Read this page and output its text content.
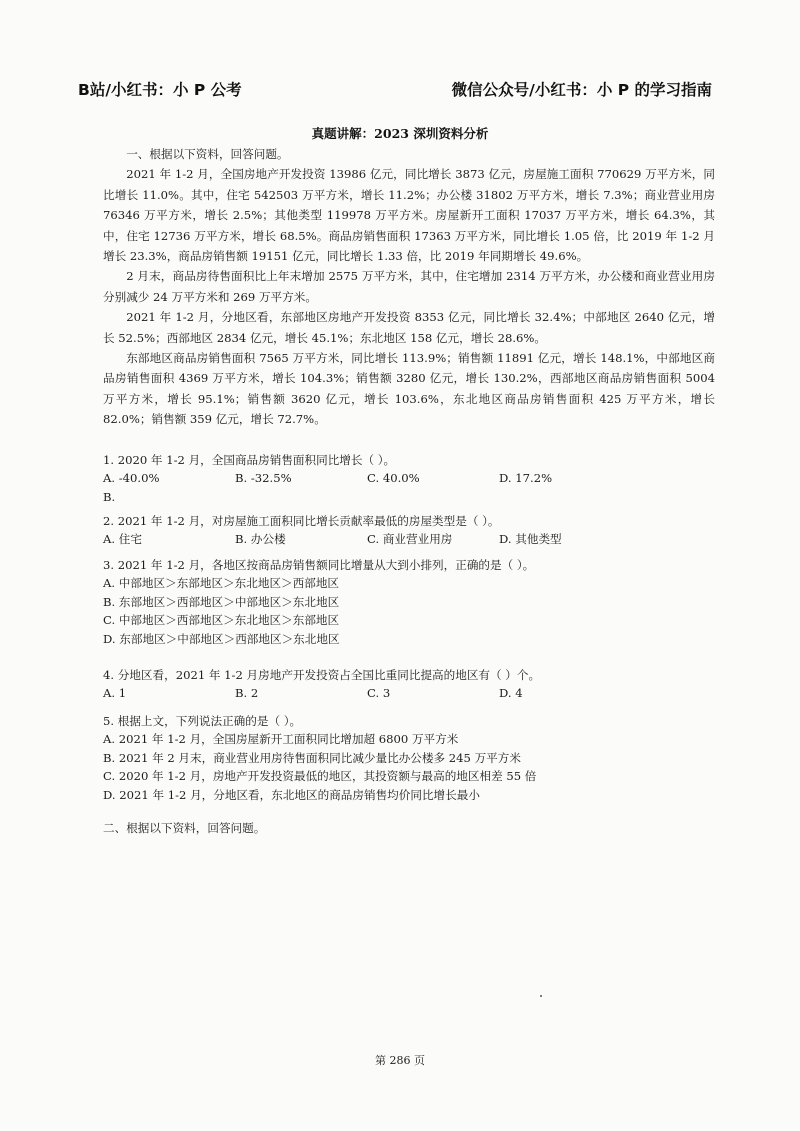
B站/小红书：小 P 公考	微信公众号/小红书：小 P 的学习指南
真题讲解：2023 深圳资料分析

一、根据以下资料，回答问题。

2021 年 1-2 月，全国房地产开发投资 13986 亿元，同比增长 3873 亿元，房屋施工面积 770629 万平方米，同比增长 11.0%。其中，住宅 542503 万平方米，增长 11.2%；办公楼 31802 万平方米，增长 7.3%；商业营业用房 76346 万平方米，增长 2.5%；其他类型 119978 万平方米。房屋新开工面积 17037 万平方米，增长 64.3%，其中，住宅 12736 万平方米，增长 68.5%。商品房销售面积 17363 万平方米，同比增长 1.05 倍，比 2019 年 1-2 月增长 23.3%，商品房销售额 19151 亿元，同比增长 1.33 倍，比 2019 年同期增长 49.6%。

2 月末，商品房待售面积比上年末增加 2575 万平方米，其中，住宅增加 2314 万平方米，办公楼和商业营业用房分别减少 24 万平方米和 269 万平方米。

2021 年 1-2 月，分地区看，东部地区房地产开发投资 8353 亿元，同比增长 32.4%；中部地区 2640 亿元，增长 52.5%；西部地区 2834 亿元，增长 45.1%；东北地区 158 亿元，增长 28.6%。

东部地区商品房销售面积 7565 万平方米，同比增长 113.9%；销售额 11891 亿元，增长 148.1%，中部地区商品房销售面积 4369 万平方米，增长 104.3%；销售额 3280 亿元，增长 130.2%，西部地区商品房销售面积 5004 万平方米，增长 95.1%；销售额 3620 亿元，增长 103.6%，东北地区商品房销售面积 425 万平方米，增长 82.0%；销售额 359 亿元，增长 72.7%。

1. 2020 年 1-2 月，全国商品房销售面积同比增长（ ）。

A. -40.0%	B. -32.5%	C. 40.0%	D. 17.2%

B.

2. 2021 年 1-2 月，对房屋施工面积同比增长贡献率最低的房屋类型是（ ）。

A. 住宅	B. 办公楼	C. 商业营业用房	D. 其他类型

3. 2021 年 1-2 月，各地区按商品房销售额同比增量从大到小排列，正确的是（ ）。

A. 中部地区＞东部地区＞东北地区＞西部地区
B. 东部地区＞西部地区＞中部地区＞东北地区
C. 中部地区＞西部地区＞东北地区＞东部地区
D. 东部地区＞中部地区＞西部地区＞东北地区

4. 分地区看，2021 年 1-2 月房地产开发投资占全国比重同比提高的地区有（ ）个。

A. 1	B. 2	C. 3	D. 4

5. 根据上文，下列说法正确的是（ ）。

A. 2021 年 1-2 月，全国房屋新开工面积同比增加超 6800 万平方米
B. 2021 年 2 月末，商业营业用房待售面积同比减少量比办公楼多 245 万平方米
C. 2020 年 1-2 月，房地产开发投资最低的地区，其投资额与最高的地区相差 55 倍
D. 2021 年 1-2 月，分地区看，东北地区的商品房销售均价同比增长最小
二、根据以下资料，回答问题。
第 286 页
